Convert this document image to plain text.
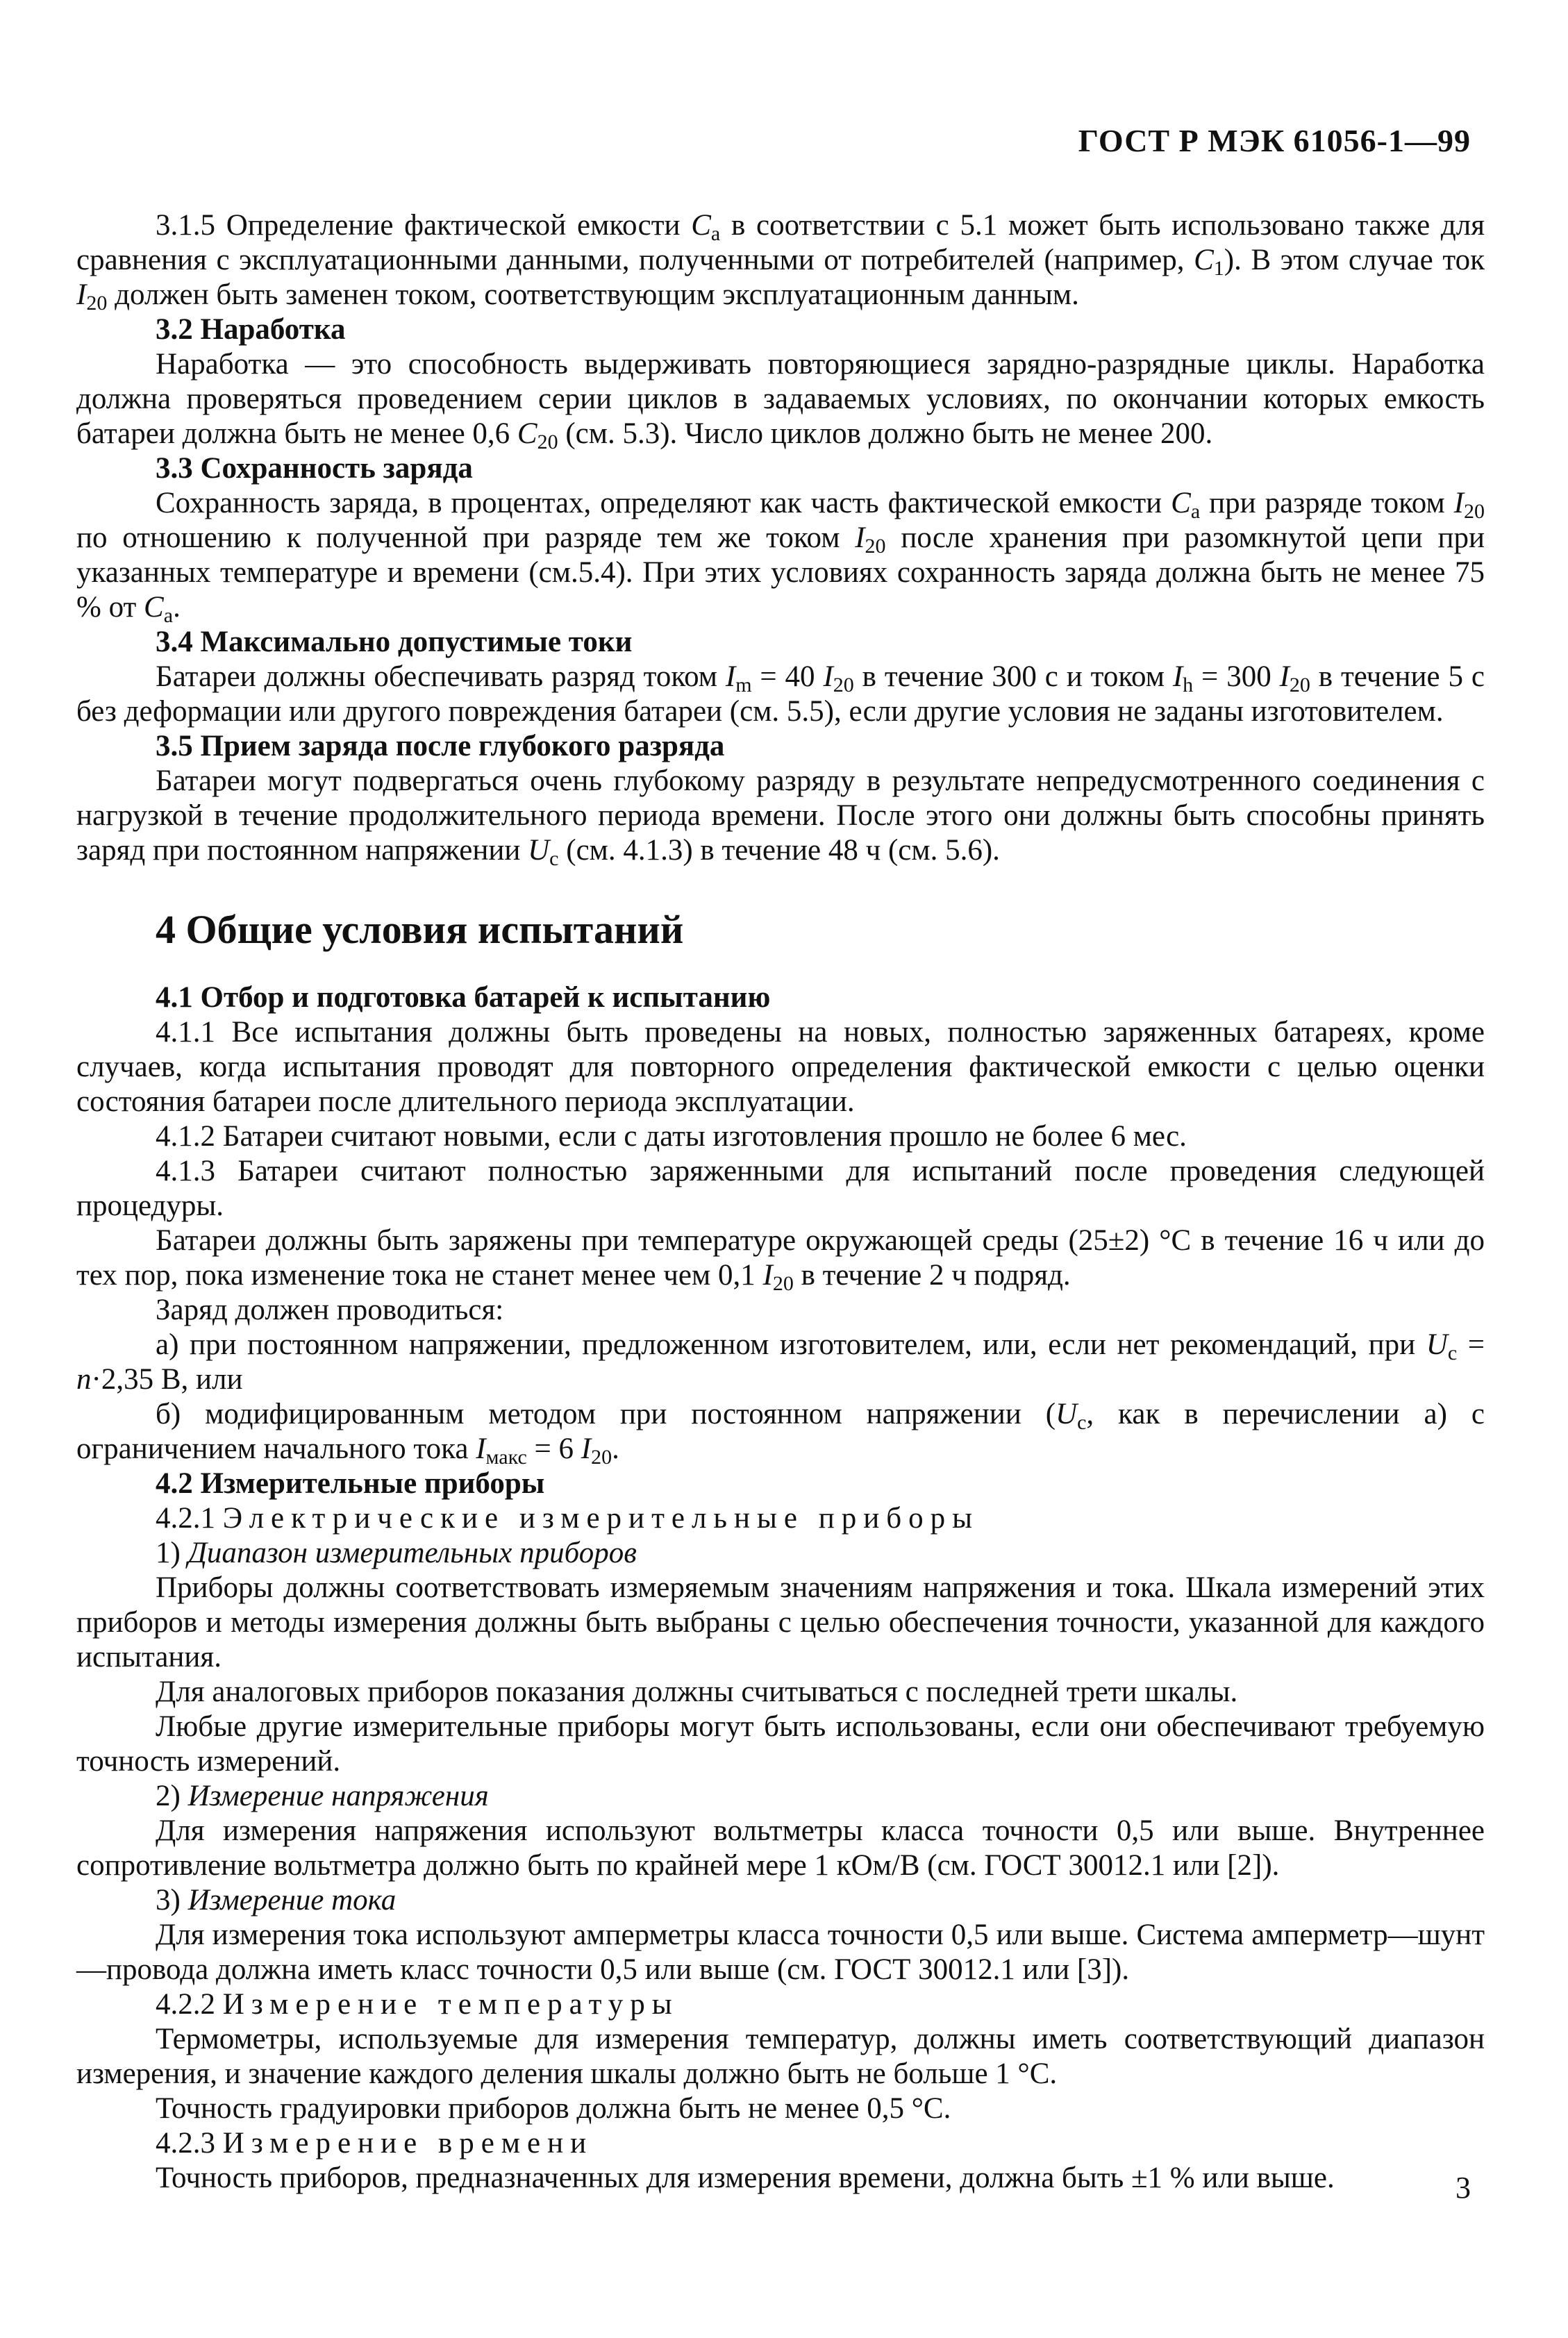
ГОСТ Р МЭК 61056-1—99

3.1.5 Определение фактической емкости $C_a$ в соответствии с 5.1 может быть использовано также для сравнения с эксплуатационными данными, полученными от потребителей (например, $C_1$). В этом случае ток $I_{20}$ должен быть заменен током, соответствующим эксплуатационным данным.

3.2 Наработка

Наработка — это способность выдерживать повторяющиеся зарядно-разрядные циклы. Наработка должна проверяться проведением серии циклов в задаваемых условиях, по окончании которых емкость батареи должна быть не менее 0,6 $C_{20}$ (см. 5.3). Число циклов должно быть не менее 200.

3.3 Сохранность заряда

Сохранность заряда, в процентах, определяют как часть фактической емкости $C_a$ при разряде током $I_{20}$ по отношению к полученной при разряде тем же током $I_{20}$ после хранения при разомкнутой цепи при указанных температуре и времени (см.5.4). При этих условиях сохранность заряда должна быть не менее 75 % от $C_a$.

3.4 Максимально допустимые токи

Батареи должны обеспечивать разряд током $I_m = 40$ $I_{20}$ в течение 300 с и током $I_h = 300$ $I_{20}$ в течение 5 с без деформации или другого повреждения батареи (см. 5.5), если другие условия не заданы изготовителем.

3.5 Прием заряда после глубокого разряда

Батареи могут подвергаться очень глубокому разряду в результате непредусмотренного соединения с нагрузкой в течение продолжительного периода времени. После этого они должны быть способны принять заряд при постоянном напряжении $U_c$ (см. 4.1.3) в течение 48 ч (см. 5.6).

4 Общие условия испытаний

4.1 Отбор и подготовка батарей к испытанию

4.1.1 Все испытания должны быть проведены на новых, полностью заряженных батареях, кроме случаев, когда испытания проводят для повторного определения фактической емкости с целью оценки состояния батареи после длительного периода эксплуатации.

4.1.2 Батареи считают новыми, если с даты изготовления прошло не более 6 мес.

4.1.3 Батареи считают полностью заряженными для испытаний после проведения следующей процедуры.

Батареи должны быть заряжены при температуре окружающей среды (25±2) °С в течение 16 ч или до тех пор, пока изменение тока не станет менее чем 0,1 $I_{20}$ в течение 2 ч подряд.

Заряд должен проводиться:

а) при постоянном напряжении, предложенном изготовителем, или, если нет рекомендаций, при $U_c = n\cdot 2,35$ В, или

б) модифицированным методом при постоянном напряжении ($U_c$, как в перечислении а) с ограничением начального тока $I_{макс} = 6$ $I_{20}$.

4.2 Измерительные приборы

4.2.1 Электрические измерительные приборы

1) Диапазон измерительных приборов

Приборы должны соответствовать измеряемым значениям напряжения и тока. Шкала измерений этих приборов и методы измерения должны быть выбраны с целью обеспечения точности, указанной для каждого испытания.

Для аналоговых приборов показания должны считываться с последней трети шкалы.

Любые другие измерительные приборы могут быть использованы, если они обеспечивают требуемую точность измерений.

2) Измерение напряжения

Для измерения напряжения используют вольтметры класса точности 0,5 или выше. Внутреннее сопротивление вольтметра должно быть по крайней мере 1 кОм/В (см. ГОСТ 30012.1 или [2]).

3) Измерение тока

Для измерения тока используют амперметры класса точности 0,5 или выше. Система амперметр—шунт—провода должна иметь класс точности 0,5 или выше (см. ГОСТ 30012.1 или [3]).

4.2.2 Измерение температуры

Термометры, используемые для измерения температур, должны иметь соответствующий диапазон измерения, и значение каждого деления шкалы должно быть не больше 1 °С.

Точность градуировки приборов должна быть не менее 0,5 °С.

4.2.3 Измерение времени

Точность приборов, предназначенных для измерения времени, должна быть ±1 % или выше.	3
